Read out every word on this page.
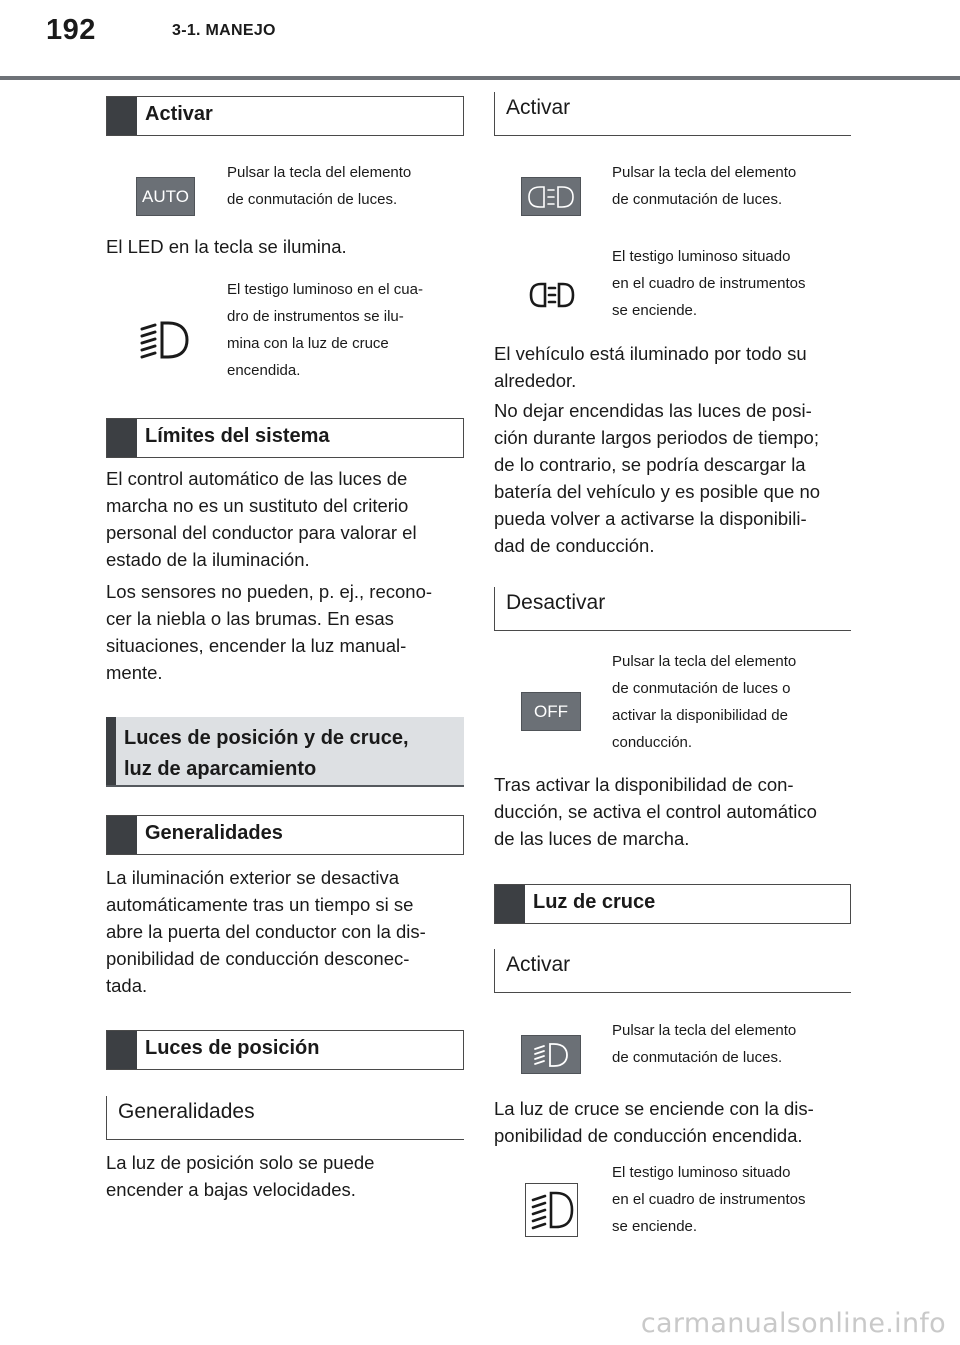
192	3-1. MANEJO
Activar
AUTO
Pulsar la tecla del elemento
de conmutación de luces.
El LED en la tecla se ilumina.
El testigo luminoso en el cua-
dro de instrumentos se ilu-
mina con la luz de cruce
encendida.
Límites del sistema
El control automático de las luces de
marcha no es un sustituto del criterio
personal del conductor para valorar el
estado de la iluminación.
Los sensores no pueden, p. ej., recono-
cer la niebla o las brumas. En esas
situaciones, encender la luz manual-
mente.
Luces de posición y de cruce,
luz de aparcamiento
Generalidades
La iluminación exterior se desactiva
automáticamente tras un tiempo si se
abre la puerta del conductor con la dis-
ponibilidad de conducción desconec-
tada.
Luces de posición
Generalidades
La luz de posición solo se puede
encender a bajas velocidades.
Activar
Pulsar la tecla del elemento
de conmutación de luces.
El testigo luminoso situado
en el cuadro de instrumentos
se enciende.
El vehículo está iluminado por todo su
alrededor.
No dejar encendidas las luces de posi-
ción durante largos periodos de tiempo;
de lo contrario, se podría descargar la
batería del vehículo y es posible que no
pueda volver a activarse la disponibili-
dad de conducción.
Desactivar
OFF
Pulsar la tecla del elemento
de conmutación de luces o
activar la disponibilidad de
conducción.
Tras activar la disponibilidad de con-
ducción, se activa el control automático
de las luces de marcha.
Luz de cruce
Activar
Pulsar la tecla del elemento
de conmutación de luces.
La luz de cruce se enciende con la dis-
ponibilidad de conducción encendida.
El testigo luminoso situado
en el cuadro de instrumentos
se enciende.
carmanualsonline.info
